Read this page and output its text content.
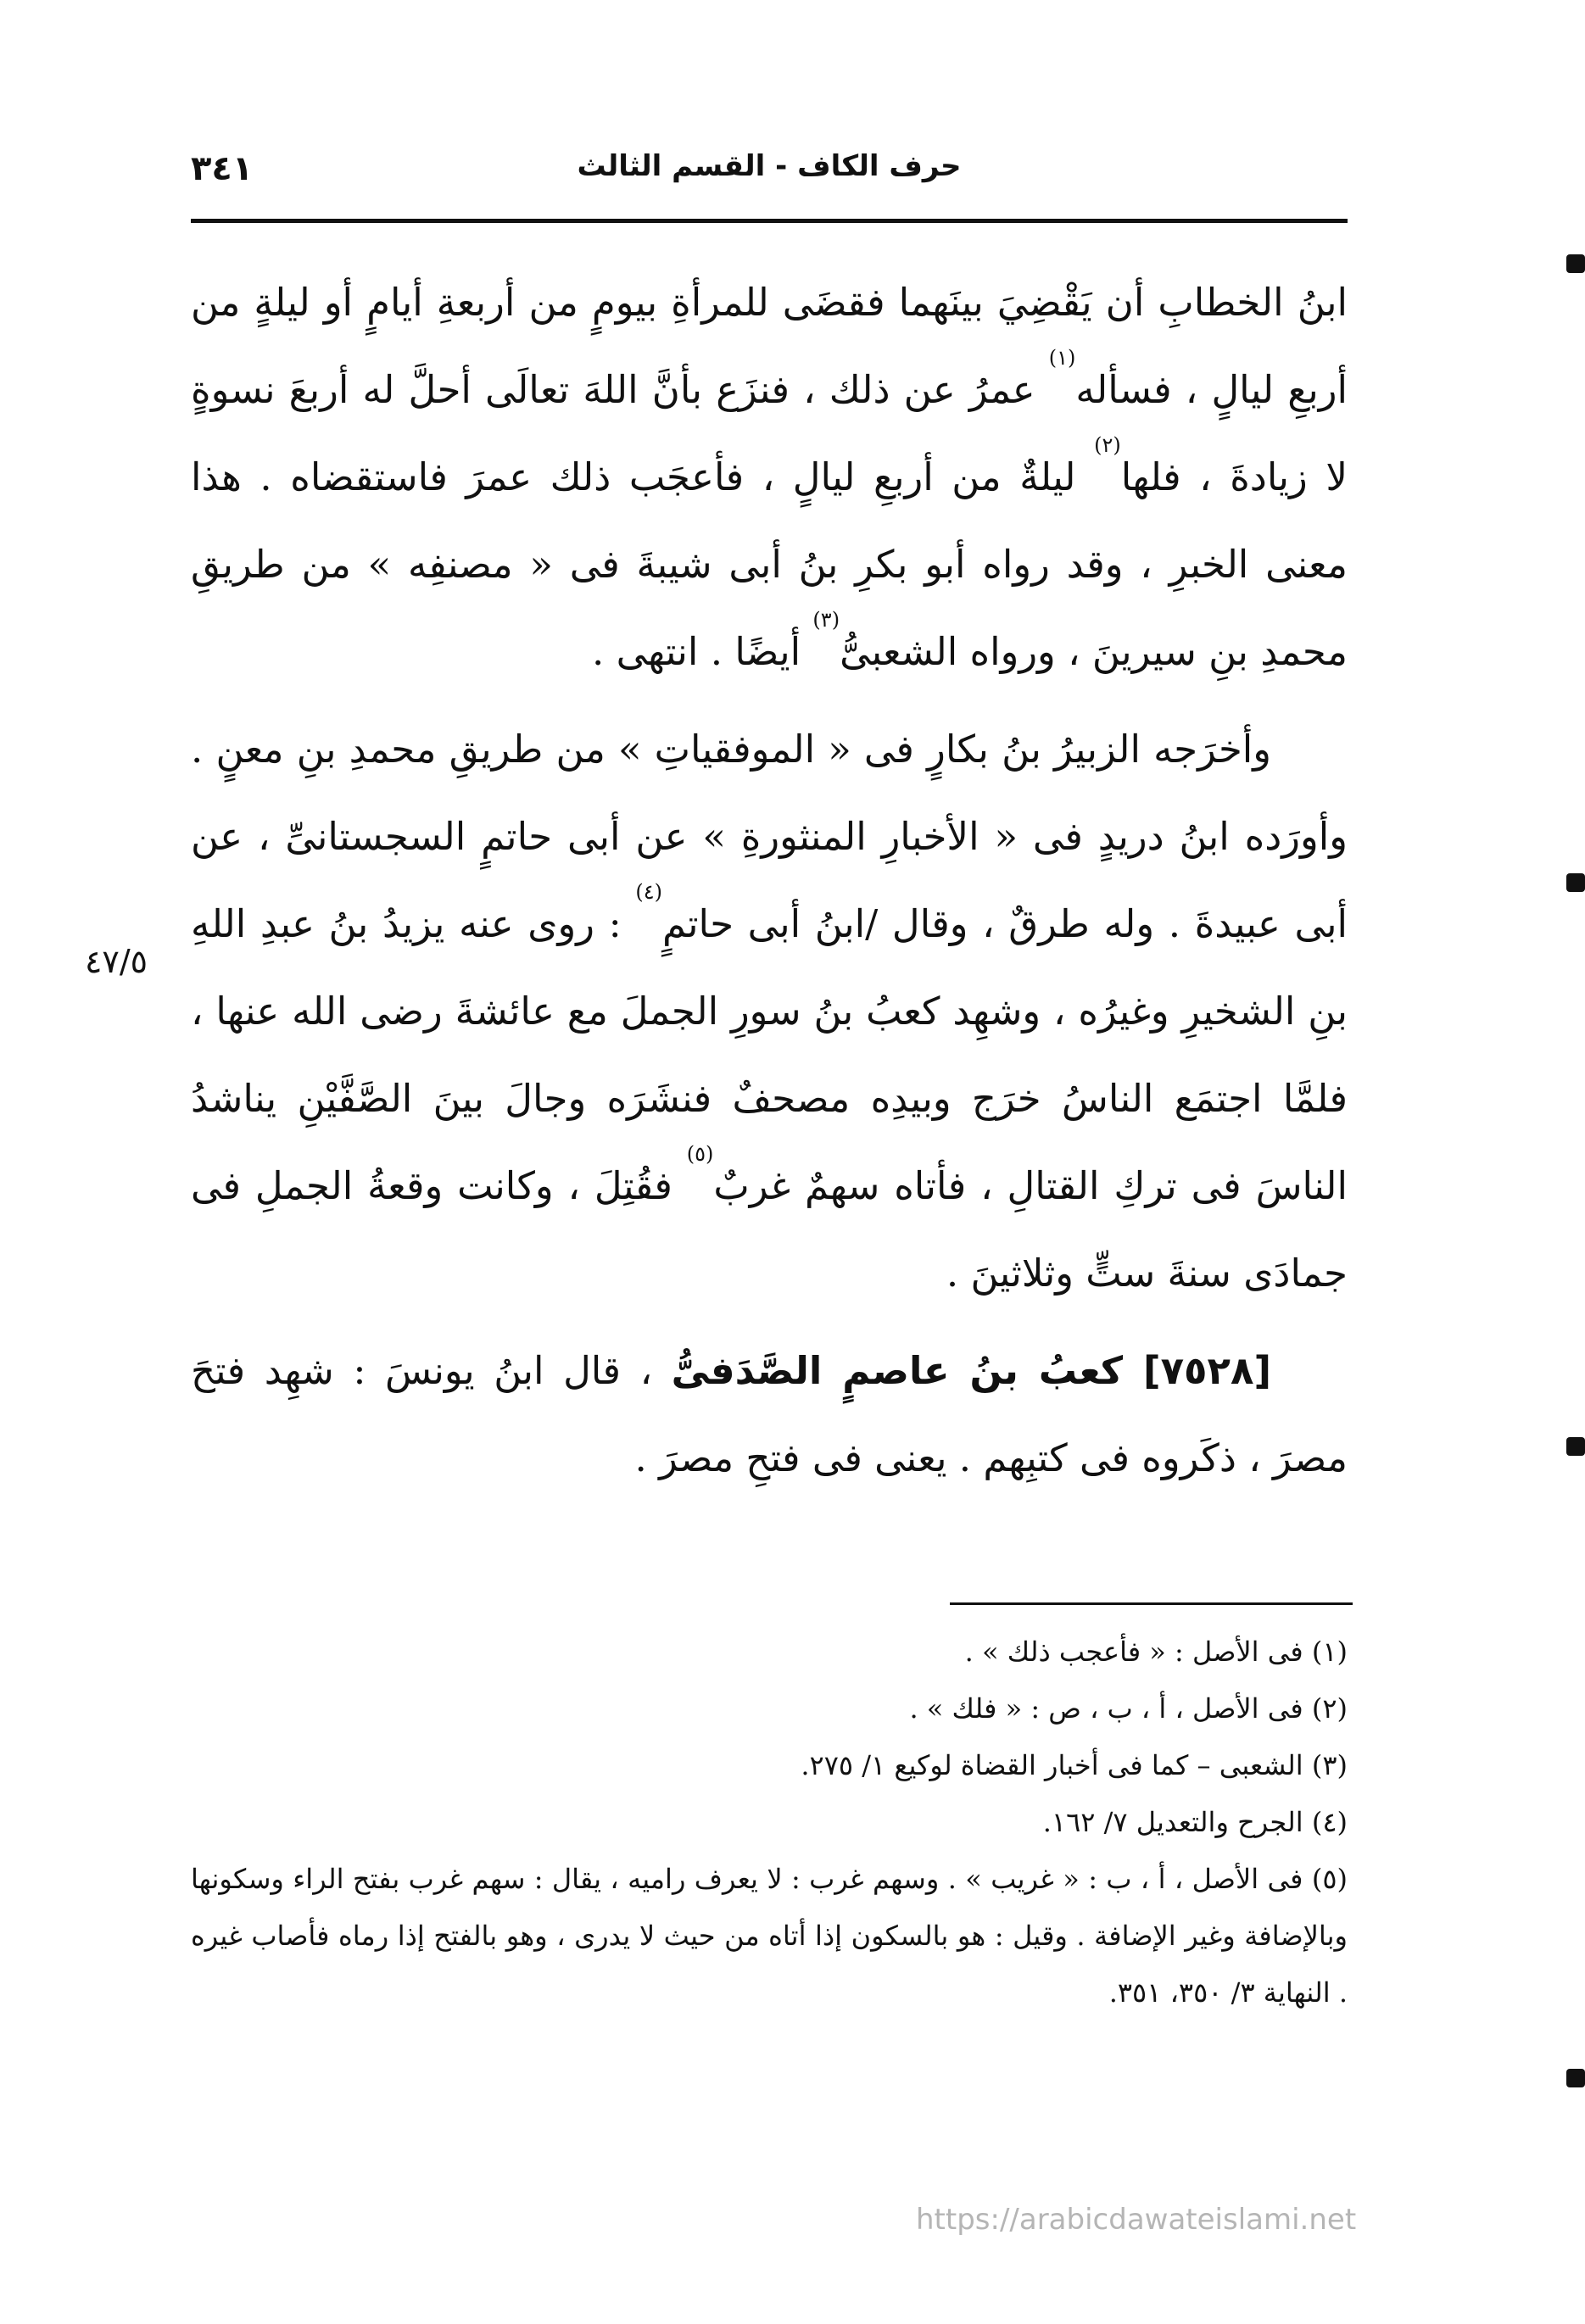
٣٤١	حرف الكاف - القسم الثالث

ابنُ الخطابِ أن يَقْضِيَ بينَهما فقضَى للمرأةِ بيومٍ من أربعةِ أيامٍ أو ليلةٍ من أربعِ ليالٍ ، فسأله$^{(١)}$ عمرُ عن ذلك ، فنزَع بأنَّ اللهَ تعالَى أحلَّ له أربعَ نسوةٍ لا زيادةَ ، فلها$^{(٢)}$ ليلةٌ من أربعِ ليالٍ ، فأعجَب ذلك عمرَ فاستقضاه . هذا معنى الخبرِ ، وقد رواه أبو بكرِ بنُ أبى شيبةَ فى « مصنفِه » من طريقِ محمدِ بنِ سيرينَ ، ورواه الشعبىُّ$^{(٣)}$ أيضًا . انتهى .

وأخرَجه الزبيرُ بنُ بكارٍ فى « الموفقياتِ » من طريقِ محمدِ بنِ معنٍ . وأورَده ابنُ دريدٍ فى « الأخبارِ المنثورةِ » عن أبى حاتمٍ السجستانىِّ ، عن أبى عبيدةَ . وله طرقٌ ، وقال /ابنُ أبى حاتمٍ$^{(٤)}$ : روى عنه يزيدُ بنُ عبدِ اللهِ بنِ الشخيرِ وغيرُه ، وشهِد كعبُ بنُ سورِ الجملَ مع عائشةَ رضى الله عنها ، فلمَّا اجتمَع الناسُ خرَج وبيدِه مصحفٌ فنشَرَه وجالَ بينَ الصَّفَّيْنِ يناشدُ الناسَ فى تركِ القتالِ ، فأتاه سهمٌ غربٌ$^{(٥)}$ فقُتِلَ ، وكانت وقعةُ الجملِ فى جمادَى سنةَ ستٍّ وثلاثينَ .

[٧٥٢٨] كعبُ بنُ عاصمٍ الصَّدَفىُّ ، قال ابنُ يونسَ : شهِد فتحَ مصرَ ، ذكَروه فى كتبِهم . يعنى فى فتحِ مصرَ .

٤٧/٥

(١) فى الأصل : « فأعجب ذلك » .

(٢) فى الأصل ، أ ، ب ، ص : « فلك » .

(٣) الشعبى – كما فى أخبار القضاة لوكيع ١/ ٢٧٥.

(٤) الجرح والتعديل ٧/ ١٦٢.

(٥) فى الأصل ، أ ، ب : « غريب » . وسهم غرب : لا يعرف راميه ، يقال : سهم غرب بفتح الراء وسكونها وبالإضافة وغير الإضافة . وقيل : هو بالسكون إذا أتاه من حيث لا يدرى ، وهو بالفتح إذا رماه فأصاب غيره . النهاية ٣/ ٣٥٠، ٣٥١.

https://arabicdawateislami.net
